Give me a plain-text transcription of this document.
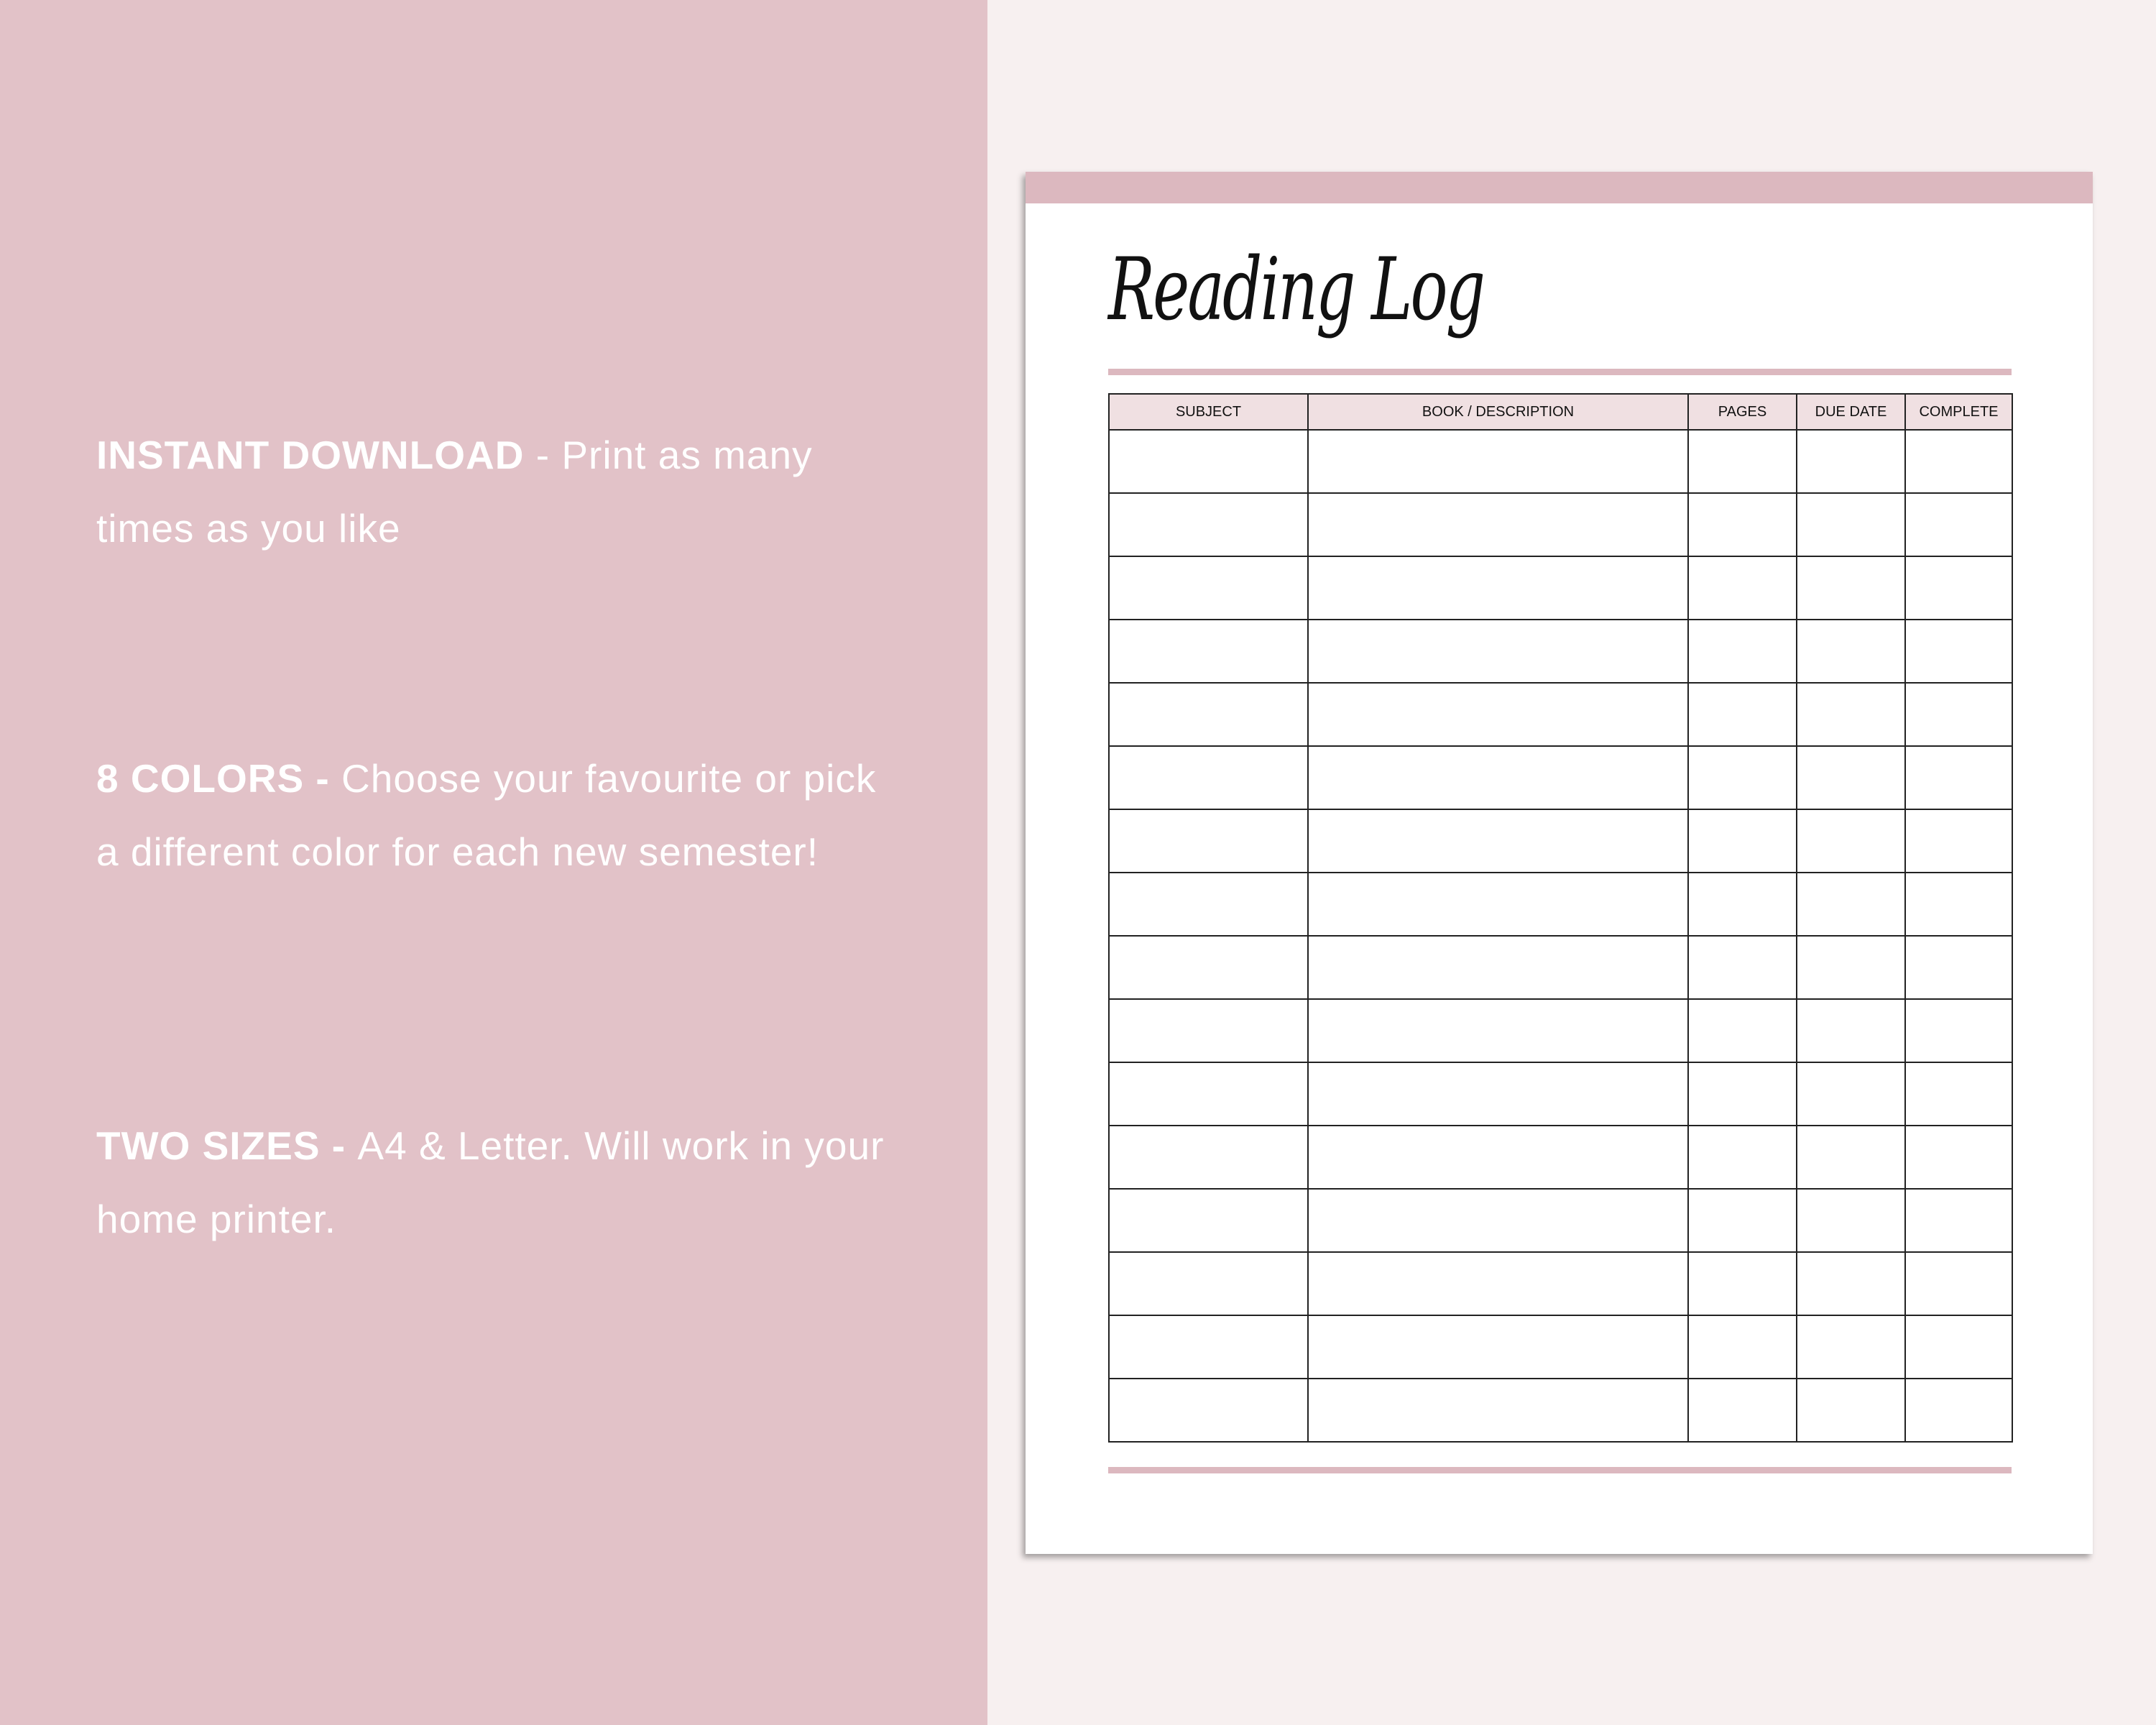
INSTANT DOWNLOAD - Print as many times as you like
8 COLORS - Choose your favourite or pick a different color for each new semester!
TWO SIZES - A4 & Letter. Will work in your home printer.
Reading Log
SUBJECT	BOOK / DESCRIPTION	PAGES	DUE DATE	COMPLETE
